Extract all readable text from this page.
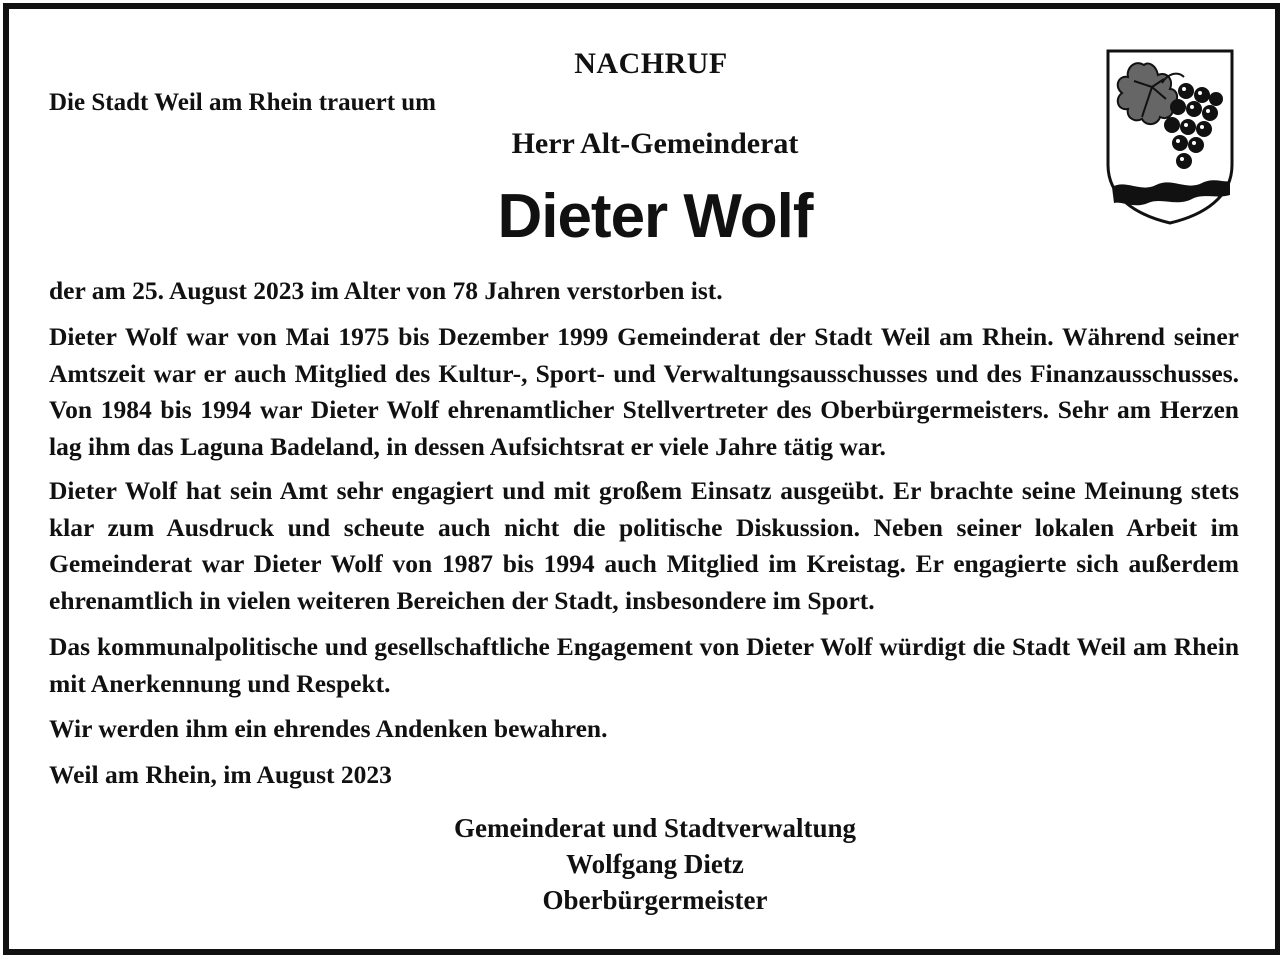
NACHRUF
Die Stadt Weil am Rhein trauert um
Herr Alt-Gemeinderat
Dieter Wolf

der am 25. August 2023 im Alter von 78 Jahren verstorben ist.

Dieter Wolf war von Mai 1975 bis Dezember 1999 Gemeinderat der Stadt Weil am Rhein. Während seiner Amtszeit war er auch Mitglied des Kultur-, Sport- und Verwaltungsausschusses und des Finanzausschusses. Von 1984 bis 1994 war Dieter Wolf ehrenamtlicher Stellvertreter des Oberbürgermeisters. Sehr am Herzen lag ihm das Laguna Badeland, in dessen Aufsichtsrat er viele Jahre tätig war.

Dieter Wolf hat sein Amt sehr engagiert und mit großem Einsatz ausgeübt. Er brachte seine Meinung stets klar zum Ausdruck und scheute auch nicht die politische Diskussion. Neben seiner lokalen Arbeit im Gemeinderat war Dieter Wolf von 1987 bis 1994 auch Mitglied im Kreistag. Er engagierte sich außerdem ehrenamtlich in vielen weiteren Bereichen der Stadt, insbesondere im Sport.

Das kommunalpolitische und gesellschaftliche Engagement von Dieter Wolf würdigt die Stadt Weil am Rhein mit Anerkennung und Respekt.

Wir werden ihm ein ehrendes Andenken bewahren.

Weil am Rhein, im August 2023

Gemeinderat und Stadtverwaltung
Wolfgang Dietz
Oberbürgermeister
